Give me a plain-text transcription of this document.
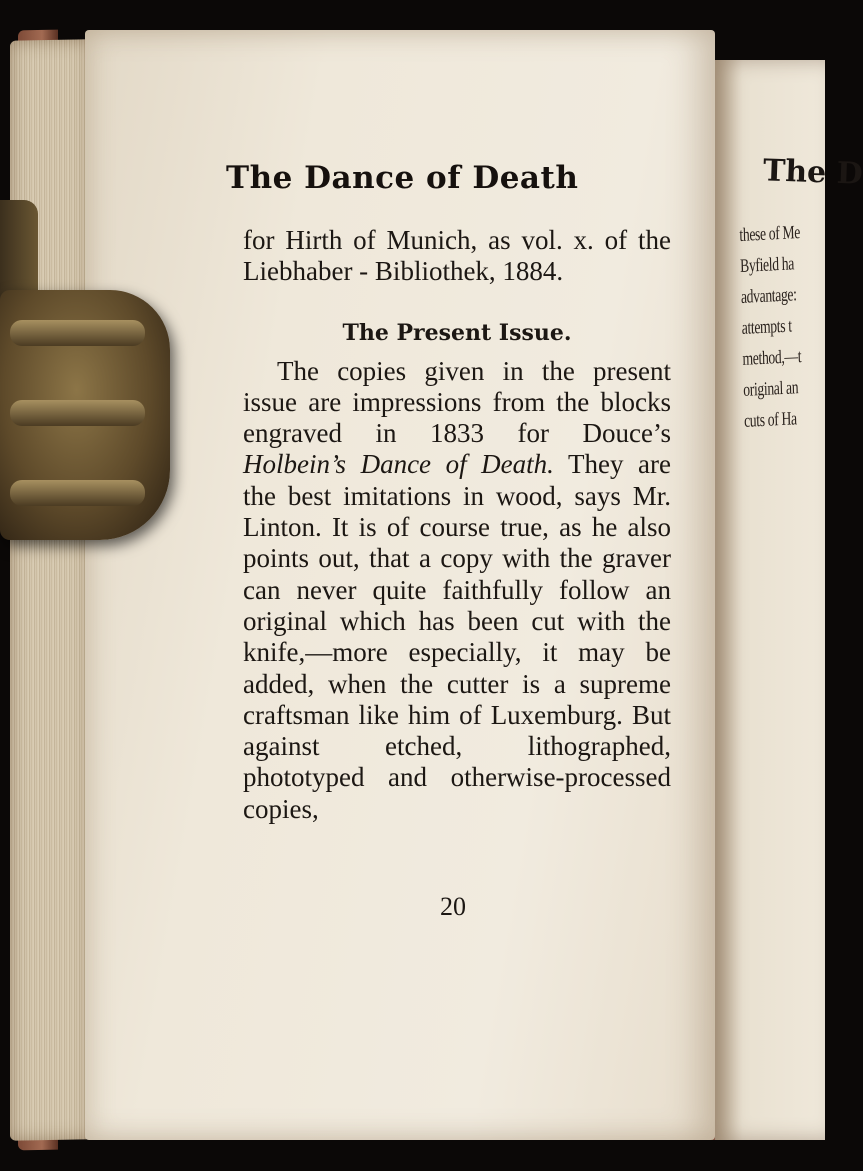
The D
these of Me
Byfield ha
advantage:
attempts t
method,—t
original an
cuts of Ha
The Dance of Death

for Hirth of Munich, as vol. x. of the Liebhaber - Bibliothek, 1884.

The Present Issue.

The copies given in the present issue are impressions from the blocks engraved in 1833 for Douce’s Holbein’s Dance of Death. They are the best imitations in wood, says Mr. Linton. It is of course true, as he also points out, that a copy with the graver can never quite faithfully follow an original which has been cut with the knife,—more especially, it may be added, when the cutter is a supreme craftsman like him of Luxemburg. But against etched, lithographed, phototyped and otherwise-processed copies,

20
